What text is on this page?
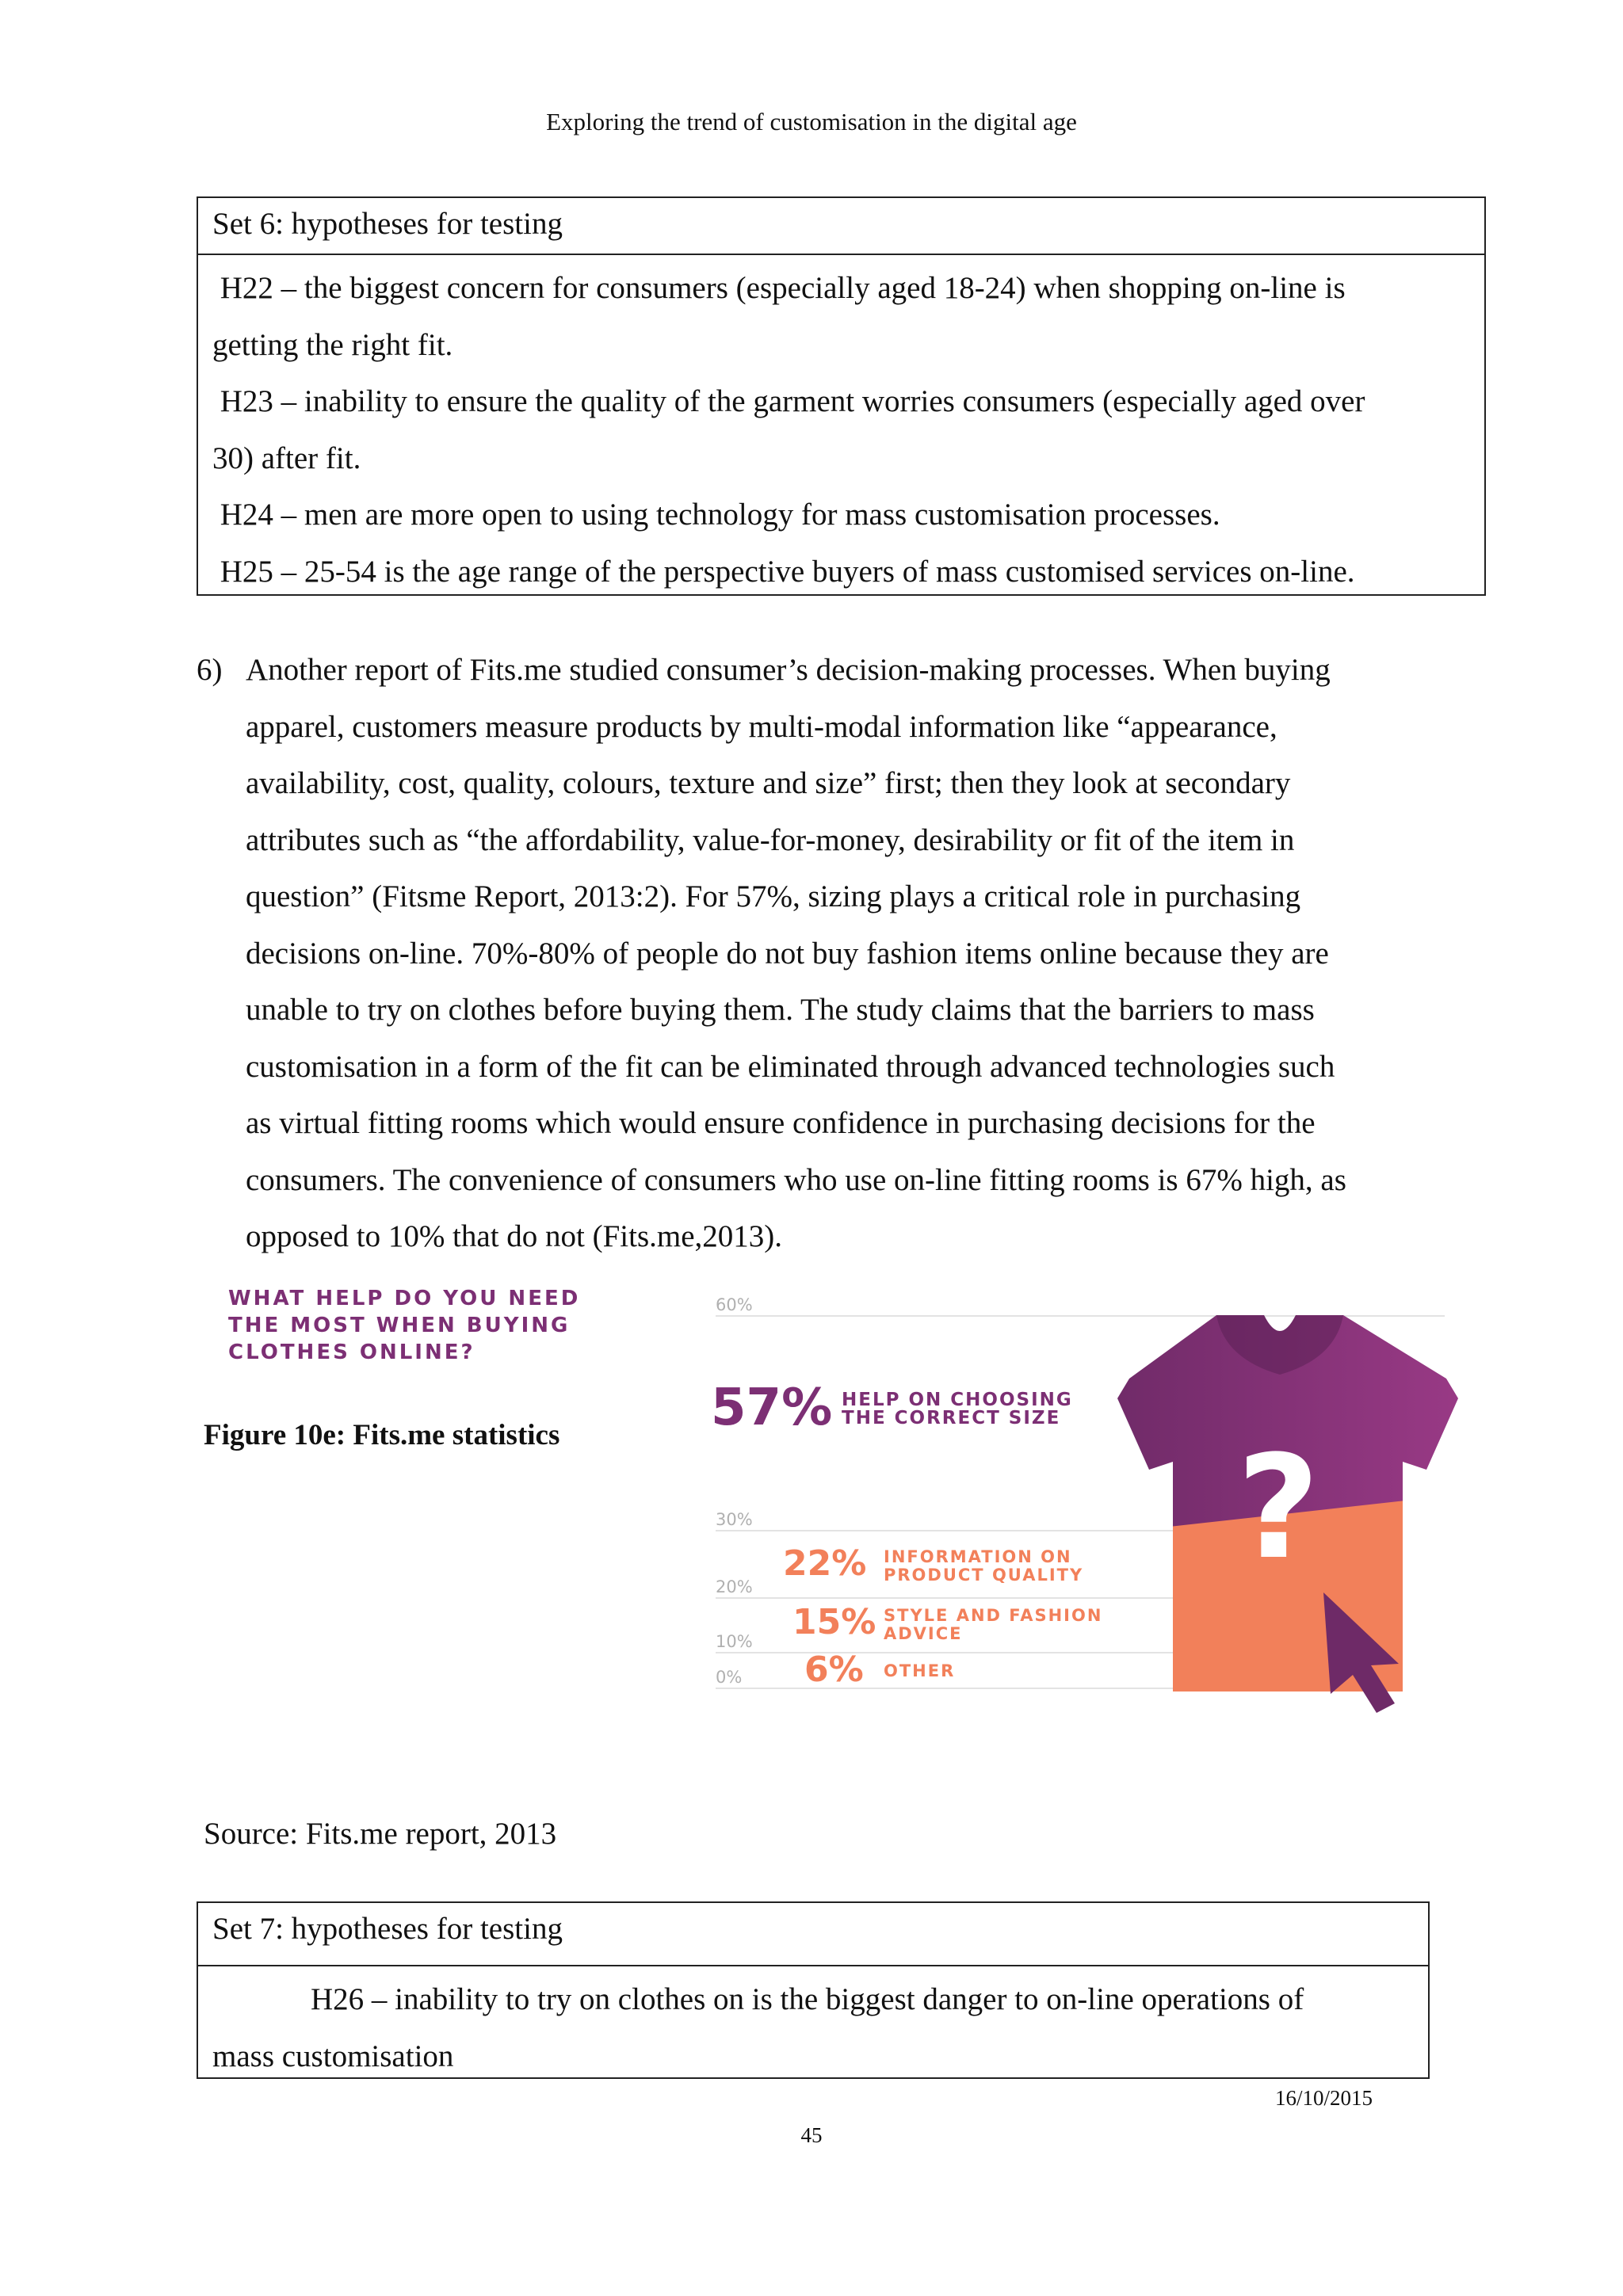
Exploring the trend of customisation in the digital age
Set 6: hypotheses for testing

H22 – the biggest concern for consumers (especially aged 18-24) when shopping on-line is

getting the right fit.

H23 – inability to ensure the quality of the garment worries consumers (especially aged over

30) after fit.

H24 – men are more open to using technology for mass customisation processes.

H25 – 25-54 is the age range of the perspective buyers of mass customised services on-line.

6) Another report of Fits.me studied consumer’s decision-making processes. When buying

apparel, customers measure products by multi-modal information like “appearance,

availability, cost, quality, colours, texture and size” first; then they look at secondary

attributes such as “the affordability, value-for-money, desirability or fit of the item in

question” (Fitsme Report, 2013:2). For 57%, sizing plays a critical role in purchasing

decisions on-line. 70%-80% of people do not buy fashion items online because they are

unable to try on clothes before buying them. The study claims that the barriers to mass

customisation in a form of the fit can be eliminated through advanced technologies such

as virtual fitting rooms which would ensure confidence in purchasing decisions for the

consumers. The convenience of consumers who use on-line fitting rooms is 67% high, as

opposed to 10% that do not (Fits.me,2013).

WHAT HELP DO YOU NEED
THE MOST WHEN BUYING
CLOTHES ONLINE?
Figure 10e: Fits.me statistics
60%
30%
20%
10%
0%
57% HELP ON CHOOSING
THE CORRECT SIZE
22% INFORMATION ON
PRODUCT QUALITY
15% STYLE AND FASHION
ADVICE
6% OTHER
?
Source: Fits.me report, 2013
Set 7: hypotheses for testing

H26 – inability to try on clothes on is the biggest danger to on-line operations of

mass customisation

16/10/2015
45
